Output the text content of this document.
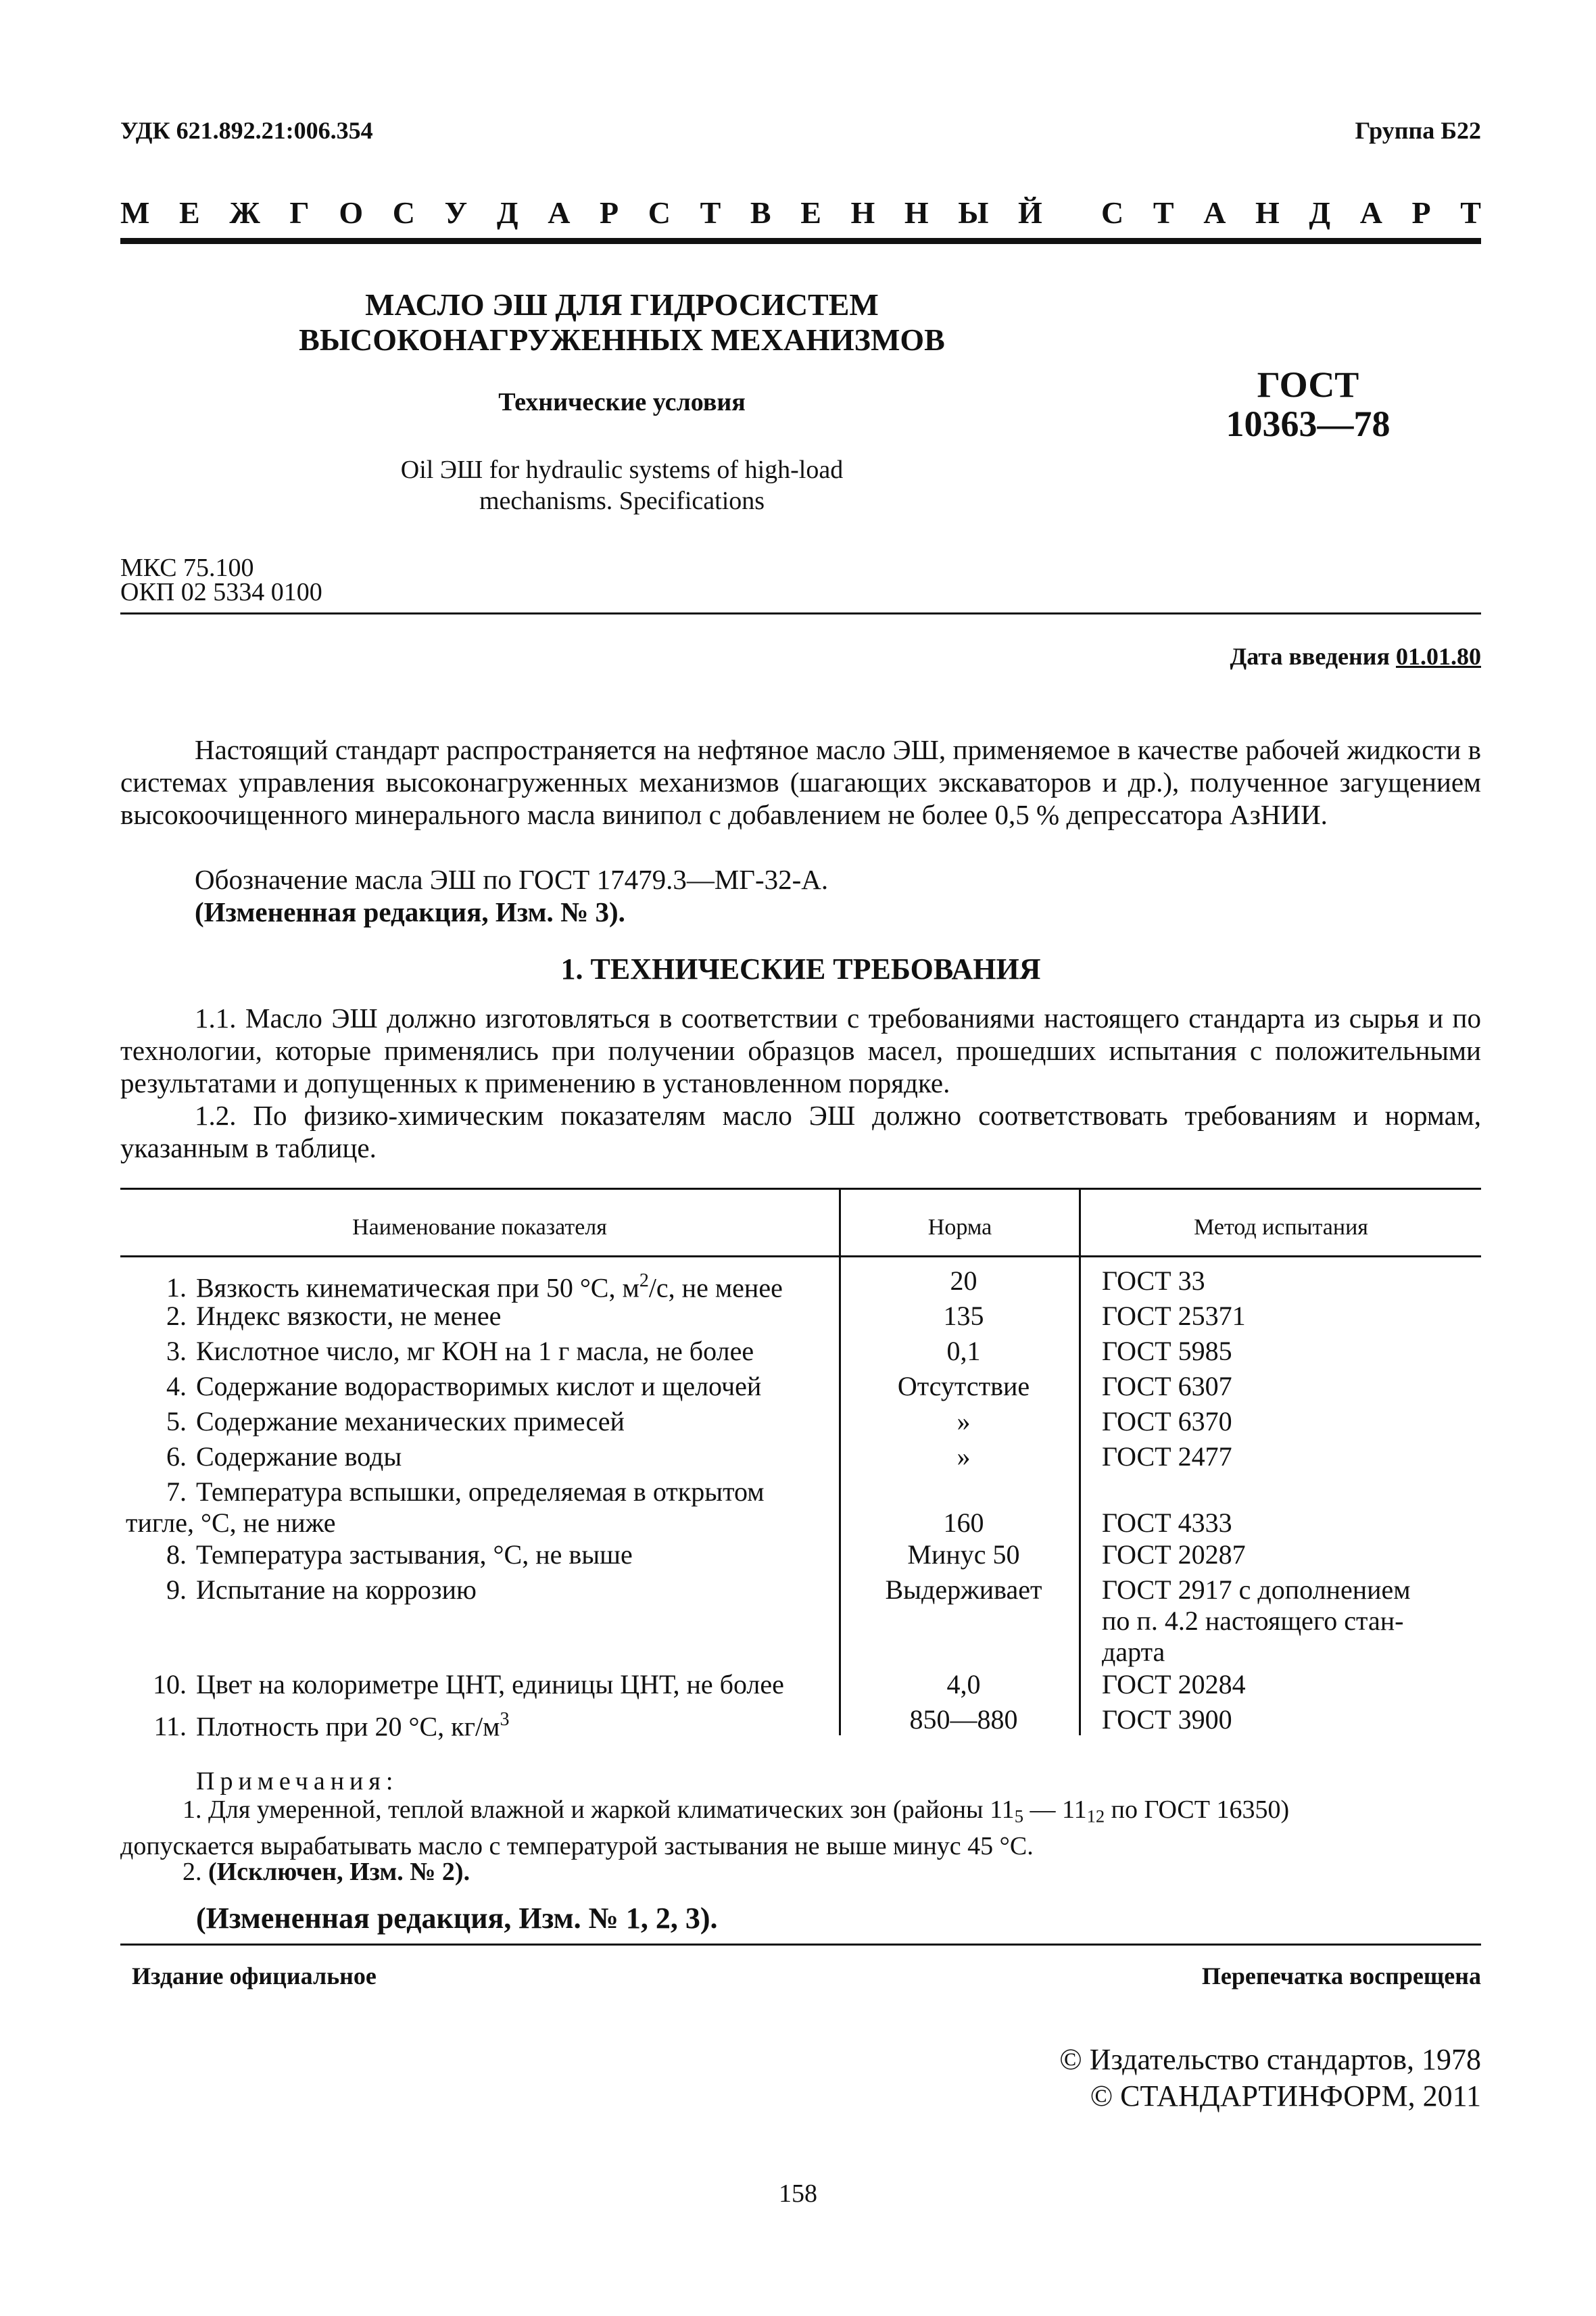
УДК 621.892.21:006.354	Группа Б22
М Е Ж Г О С У Д А Р С Т В Е Н Н Ы Й С Т А Н Д А Р Т
МАСЛО ЭШ ДЛЯ ГИДРОСИСТЕМ
ВЫСОКОНАГРУЖЕННЫХ МЕХАНИЗМОВ
Технические условия
Oil ЭШ for hydraulic systems of high-load
mechanisms. Specifications
ГОСТ
10363—78
МКС 75.100
ОКП 02 5334 0100
Дата введения 01.01.80
Настоящий стандарт распространяется на нефтяное масло ЭШ, применяемое в качестве рабочей жидкости в системах управления высоконагруженных механизмов (шагающих экскаваторов и др.), полученное загущением высокоочищенного минерального масла винипол с добавлением не более 0,5 % депрессатора АзНИИ.
Обозначение масла ЭШ по ГОСТ 17479.3—МГ-32-А.
(Измененная редакция, Изм. № 3).
1. ТЕХНИЧЕСКИЕ ТРЕБОВАНИЯ
1.1. Масло ЭШ должно изготовляться в соответствии с требованиями настоящего стандарта из сырья и по технологии, которые применялись при получении образцов масел, прошедших испытания с положительными результатами и допущенных к применению в установленном порядке.
1.2. По физико-химическим показателям масло ЭШ должно соответствовать требованиям и нормам, указанным в таблице.
Наименование показателя	Норма	Метод испытания
1. Вязкость кинематическая при 50 °С, $м^2/с$, не менее	20	ГОСТ 33
2. Индекс вязкости, не менее	135	ГОСТ 25371
3. Кислотное число, мг КОН на 1 г масла, не более	0,1	ГОСТ 5985
4. Содержание водорастворимых кислот и щелочей	Отсутствие	ГОСТ 6307
5. Содержание механических примесей	»	ГОСТ 6370
6. Содержание воды	»	ГОСТ 2477
7. Температура вспышки, определяемая в открытом
тигле, °С, не ниже	160	ГОСТ 4333
8. Температура застывания, °С, не выше	Минус 50	ГОСТ 20287
9. Испытание на коррозию	Выдерживает	ГОСТ 2917 с дополнением
по п. 4.2 настоящего стан-
дарта
10. Цвет на колориметре ЦНТ, единицы ЦНТ, не более	4,0	ГОСТ 20284
11. Плотность при 20 °С, $кг/м^3$	850—880	ГОСТ 3900
Примечания:
1. Для умеренной, теплой влажной и жаркой климатических зон (районы $11_5$ — $11_{12}$ по ГОСТ 16350)
допускается вырабатывать масло с температурой застывания не выше минус 45 °С.
2. (Исключен, Изм. № 2).
(Измененная редакция, Изм. № 1, 2, 3).
Издание официальное	Перепечатка воспрещена
© Издательство стандартов, 1978
© СТАНДАРТИНФОРМ, 2011
158
